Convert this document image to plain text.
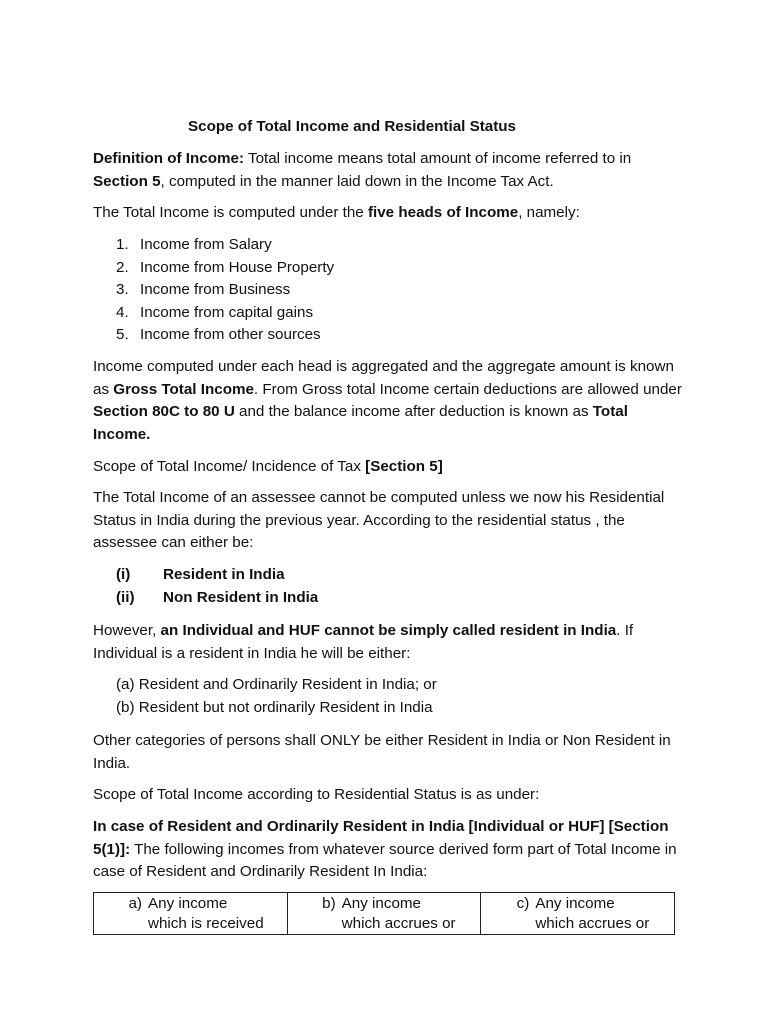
Scope of Total Income and Residential Status

Definition of Income: Total income means total amount of income referred to in Section 5, computed in the manner laid down in the Income Tax Act.

The Total Income is computed under the five heads of Income, namely:

1. Income from Salary
2. Income from House Property
3. Income from Business
4. Income from capital gains
5. Income from other sources

Income computed under each head is aggregated and the aggregate amount is known as Gross Total Income. From Gross total Income certain deductions are allowed under Section 80C to 80 U and the balance income after deduction is known as Total Income.

Scope of Total Income/ Incidence of Tax [Section 5]

The Total Income of an assessee cannot be computed unless we now his Residential Status in India during the previous year. According to the residential status , the assessee can either be:

(i) Resident in India
(ii) Non Resident in India

However, an Individual and HUF cannot be simply called resident in India. If Individual is a resident in India he will be either:

(a) Resident and Ordinarily Resident in India; or
(b) Resident but not ordinarily Resident in India

Other categories of persons shall ONLY be either Resident in India or Non Resident in India.

Scope of Total Income according to Residential Status is as under:

In case of Resident and Ordinarily Resident in India [Individual or HUF] [Section 5(1)]: The following incomes from whatever source derived form part of Total Income in case of Resident and Ordinarily Resident In India:

a) Any income
which is received

b) Any income
which accrues or

c) Any income
which accrues or
